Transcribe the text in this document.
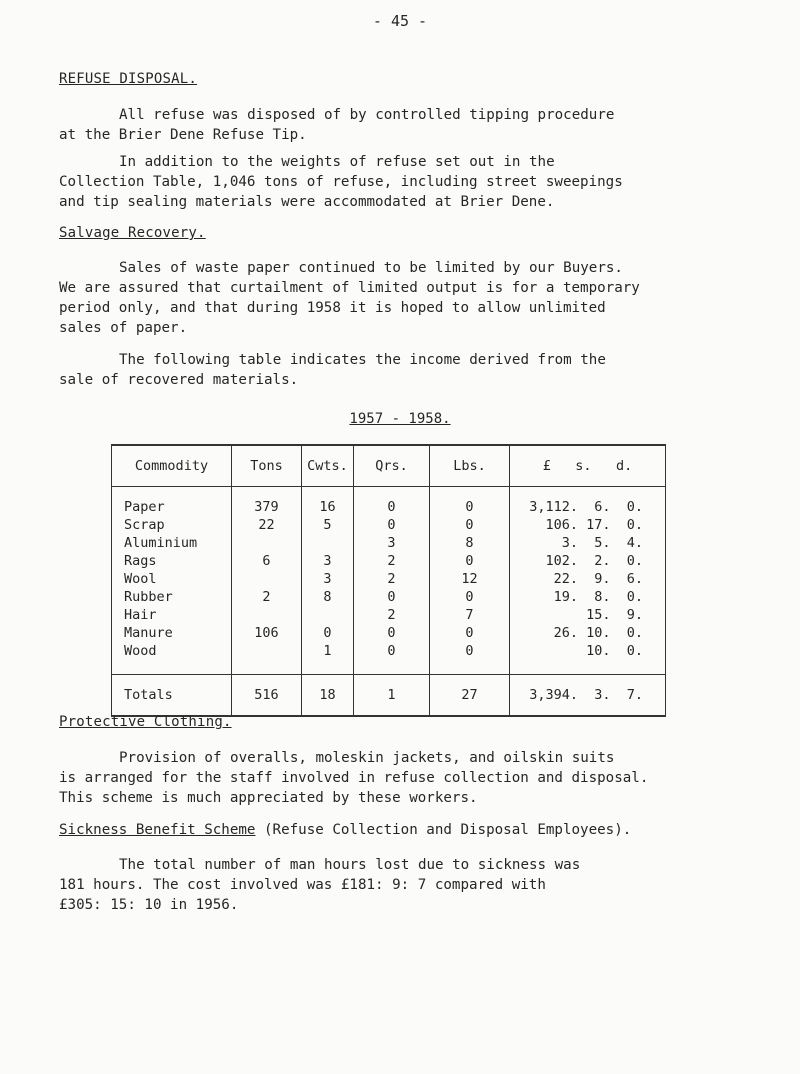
- 45 -
REFUSE DISPOSAL.
All refuse was disposed of by controlled tipping procedure
at the Brier Dene Refuse Tip.
In addition to the weights of refuse set out in the
Collection Table, 1,046 tons of refuse, including street sweepings
and tip sealing materials were accommodated at Brier Dene.
Salvage Recovery.
Sales of waste paper continued to be limited by our Buyers.
We are assured that curtailment of limited output is for a temporary
period only, and that during 1958 it is hoped to allow unlimited
sales of paper.
The following table indicates the income derived from the
sale of recovered materials.
1957 - 1958.
Commodity	Tons	Cwts.	Qrs.	Lbs.	£   s.   d.

Paper	379	16	0	0	3,112.  6.  0.
Scrap	22	5	0	0	106. 17.  0.
Aluminium			3	8	3.  5.  4.
Rags	6	3	2	0	102.  2.  0.
Wool		3	2	12	22.  9.  6.
Rubber	2	8	0	0	19.  8.  0.
Hair			2	7	15.  9.
Manure	106	0	0	0	26. 10.  0.
Wood		1	0	0	10.  0.

Totals	516	18	1	27	3,394.  3.  7.
Protective Clothing.
Provision of overalls, moleskin jackets, and oilskin suits
is arranged for the staff involved in refuse collection and disposal.
This scheme is much appreciated by these workers.
Sickness Benefit Scheme (Refuse Collection and Disposal Employees).
The total number of man hours lost due to sickness was
181 hours. The cost involved was £181: 9: 7 compared with
£305: 15: 10 in 1956.
